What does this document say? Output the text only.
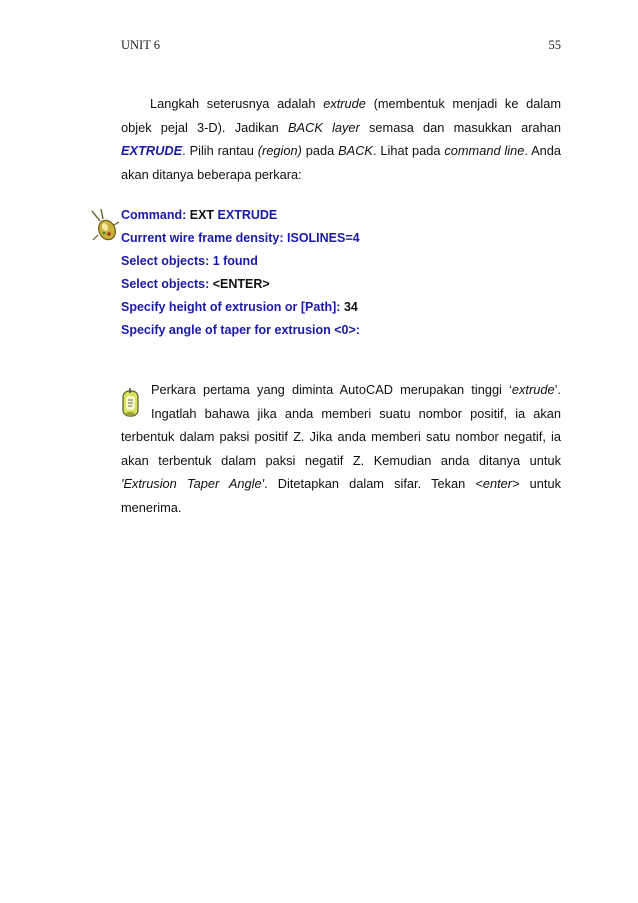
UNIT 6	55
Langkah seterusnya adalah extrude (membentuk menjadi ke dalam
objek pejal 3-D). Jadikan BACK layer semasa dan masukkan arahan
EXTRUDE. Pilih rantau (region) pada BACK. Lihat pada command line. Anda
akan ditanya beberapa perkara:
Command: EXT EXTRUDE
Current wire frame density: ISOLINES=4
Select objects: 1 found
Select objects: <ENTER>
Specify height of extrusion or [Path]: 34
Specify angle of taper for extrusion <0>:
Perkara pertama yang diminta AutoCAD merupakan tinggi ‘extrude’.
Ingatlah bahawa jika anda memberi suatu nombor positif, ia akan
terbentuk dalam paksi positif Z. Jika anda memberi satu nombor negatif, ia
akan terbentuk dalam paksi negatif Z. Kemudian anda ditanya untuk
'Extrusion Taper Angle'. Ditetapkan dalam sifar. Tekan <enter> untuk
menerima.
